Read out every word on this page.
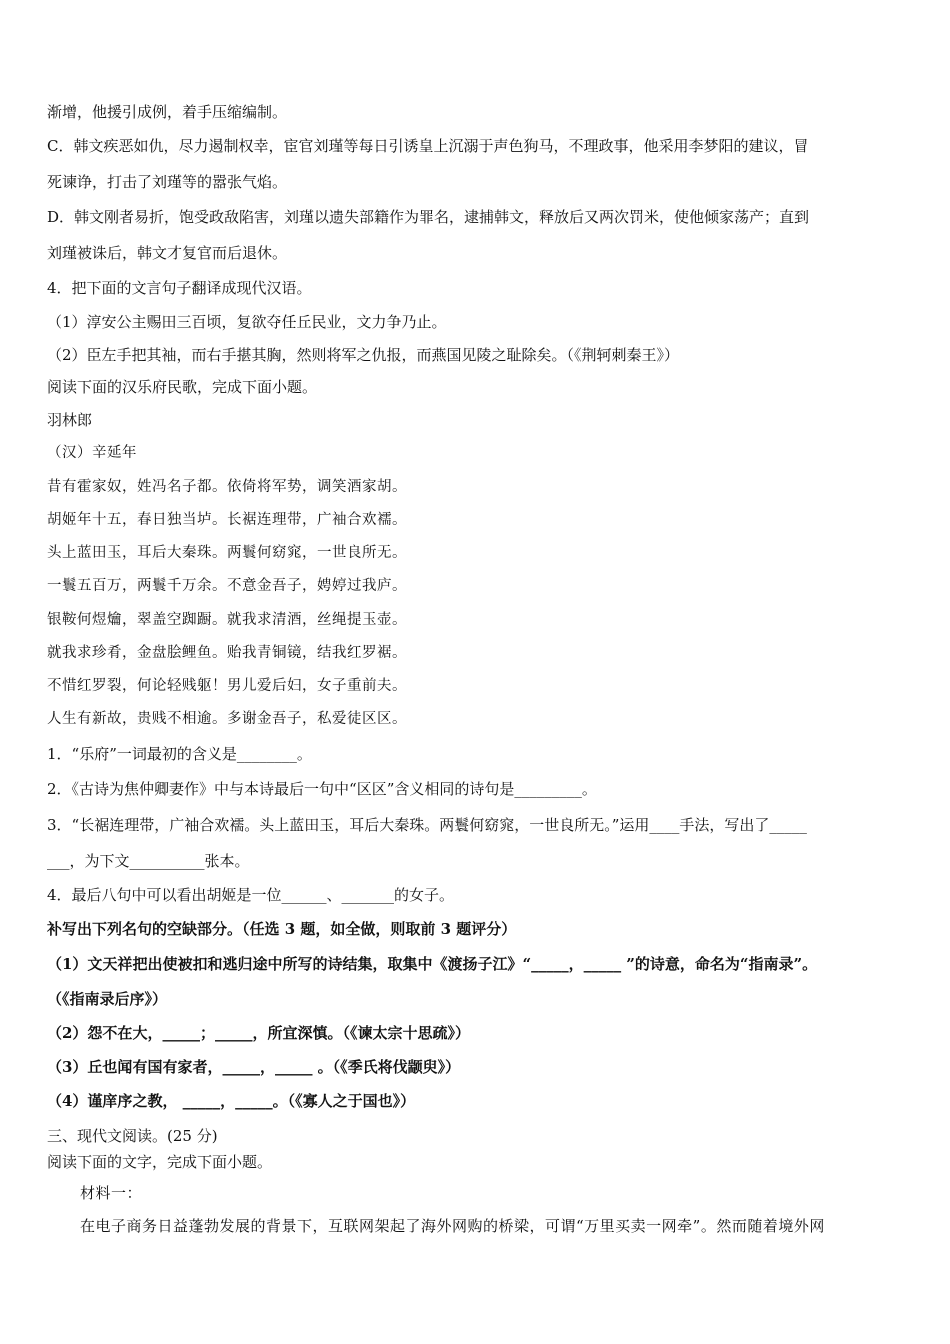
渐增，他援引成例，着手压缩编制。
C．韩文疾恶如仇，尽力遏制权幸，宦官刘瑾等每日引诱皇上沉溺于声色狗马，不理政事，他采用李梦阳的建议，冒
死谏诤，打击了刘瑾等的嚣张气焰。
D．韩文刚者易折，饱受政敌陷害，刘瑾以遗失部籍作为罪名，逮捕韩文，释放后又两次罚米，使他倾家荡产；直到
刘瑾被诛后，韩文才复官而后退休。
4．把下面的文言句子翻译成现代汉语。
（1）淳安公主赐田三百顷，复欲夺任丘民业，文力争乃止。
（2）臣左手把其袖，而右手揕其胸，然则将军之仇报，而燕国见陵之耻除矣。（《荆轲刺秦王》）
阅读下面的汉乐府民歌，完成下面小题。
羽林郎
（汉）辛延年
昔有霍家奴，姓冯名子都。依倚将军势，调笑酒家胡。
胡姬年十五，春日独当垆。长裾连理带，广袖合欢襦。
头上蓝田玉，耳后大秦珠。两鬟何窈窕，一世良所无。
一鬟五百万，两鬟千万余。不意金吾子，娉婷过我庐。
银鞍何煜爚，翠盖空踟蹰。就我求清酒，丝绳提玉壶。
就我求珍肴，金盘脍鲤鱼。贻我青铜镜，结我红罗裾。
不惜红罗裂，何论轻贱躯！男儿爱后妇，女子重前夫。
人生有新故，贵贱不相逾。多谢金吾子，私爱徒区区。
1．“乐府”一词最初的含义是________。
2．《古诗为焦仲卿妻作》中与本诗最后一句中“区区”含义相同的诗句是_________。
3．“长裾连理带，广袖合欢襦。头上蓝田玉，耳后大秦珠。两鬟何窈窕，一世良所无。”运用____手法，写出了_____
___，为下文__________张本。
4．最后八句中可以看出胡姬是一位______、_______的女子。
补写出下列名句的空缺部分。（任选 3 题，如全做，则取前 3 题评分）
（1）文天祥把出使被扣和逃归途中所写的诗结集，取集中《渡扬子江》“_____，_____ ”的诗意，命名为“指南录”。
（《指南录后序》）
（2）怨不在大，_____；_____，所宜深慎。（《谏太宗十思疏》）
（3）丘也闻有国有家者，_____，_____ 。（《季氏将伐颛臾》）
（4）谨庠序之教， _____，_____。（《寡人之于国也》）
三、现代文阅读。(25 分)
阅读下面的文字，完成下面小题。
材料一：
在电子商务日益蓬勃发展的背景下，互联网架起了海外网购的桥梁，可谓“万里买卖一网牵”。然而随着境外网
